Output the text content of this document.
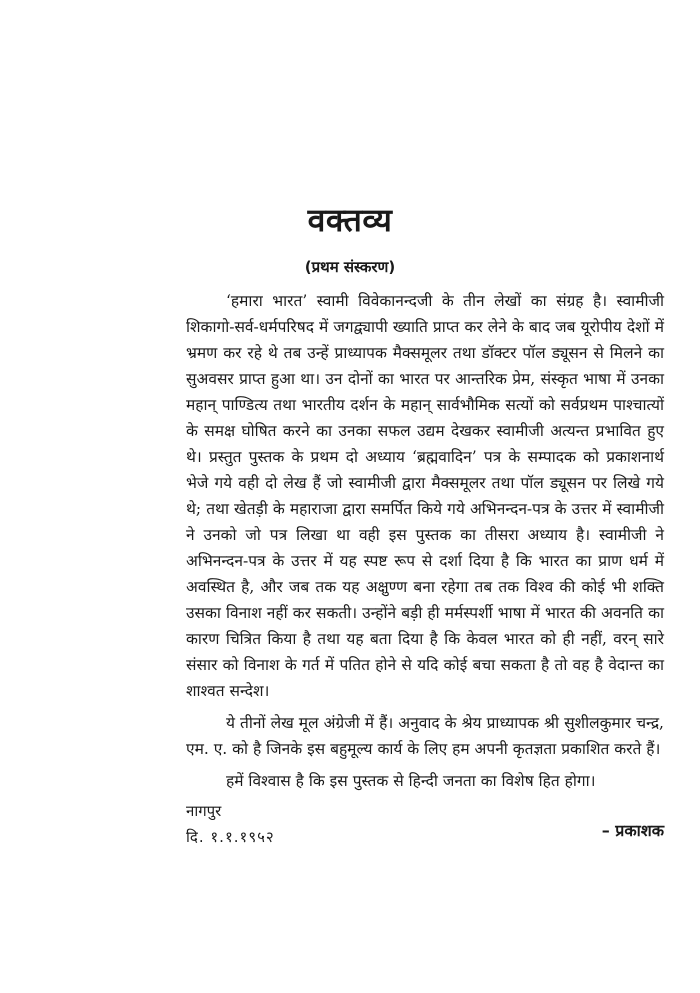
वक्तव्य
(प्रथम संस्करण)

‘हमारा भारत’ स्वामी विवेकानन्दजी के तीन लेखों का संग्रह है। स्वामीजी शिकागो-सर्व-धर्मपरिषद में जगद्व्यापी ख्याति प्राप्त कर लेने के बाद जब यूरोपीय देशों में भ्रमण कर रहे थे तब उन्हें प्राध्यापक मैक्समूलर तथा डॉक्टर पॉल ड्यूसन से मिलने का सुअवसर प्राप्त हुआ था। उन दोनों का भारत पर आन्तरिक प्रेम, संस्कृत भाषा में उनका महान् पाण्डित्य तथा भारतीय दर्शन के महान् सार्वभौमिक सत्यों को सर्वप्रथम पाश्चात्यों के समक्ष घोषित करने का उनका सफल उद्यम देखकर स्वामीजी अत्यन्त प्रभावित हुए थे। प्रस्तुत पुस्तक के प्रथम दो अध्याय ‘ब्रह्मवादिन’ पत्र के सम्पादक को प्रकाशनार्थ भेजे गये वही दो लेख हैं जो स्वामीजी द्वारा मैक्समूलर तथा पॉल ड्यूसन पर लिखे गये थे; तथा खेतड़ी के महाराजा द्वारा समर्पित किये गये अभिनन्दन-पत्र के उत्तर में स्वामीजी ने उनको जो पत्र लिखा था वही इस पुस्तक का तीसरा अध्याय है। स्वामीजी ने अभिनन्दन-पत्र के उत्तर में यह स्पष्ट रूप से दर्शा दिया है कि भारत का प्राण धर्म में अवस्थित है, और जब तक यह अक्षुण्ण बना रहेगा तब तक विश्व की कोई भी शक्ति उसका विनाश नहीं कर सकती। उन्होंने बड़ी ही मर्मस्पर्शी भाषा में भारत की अवनति का कारण चित्रित किया है तथा यह बता दिया है कि केवल भारत को ही नहीं, वरन् सारे संसार को विनाश के गर्त में पतित होने से यदि कोई बचा सकता है तो वह है वेदान्त का शाश्वत सन्देश।

ये तीनों लेख मूल अंग्रेजी में हैं। अनुवाद के श्रेय प्राध्यापक श्री सुशीलकुमार चन्द्र, एम. ए. को है जिनके इस बहुमूल्य कार्य के लिए हम अपनी कृतज्ञता प्रकाशित करते हैं।

हमें विश्वास है कि इस पुस्तक से हिन्दी जनता का विशेष हित होगा।

नागपुर
दि. १.१.१९५२	– प्रकाशक
